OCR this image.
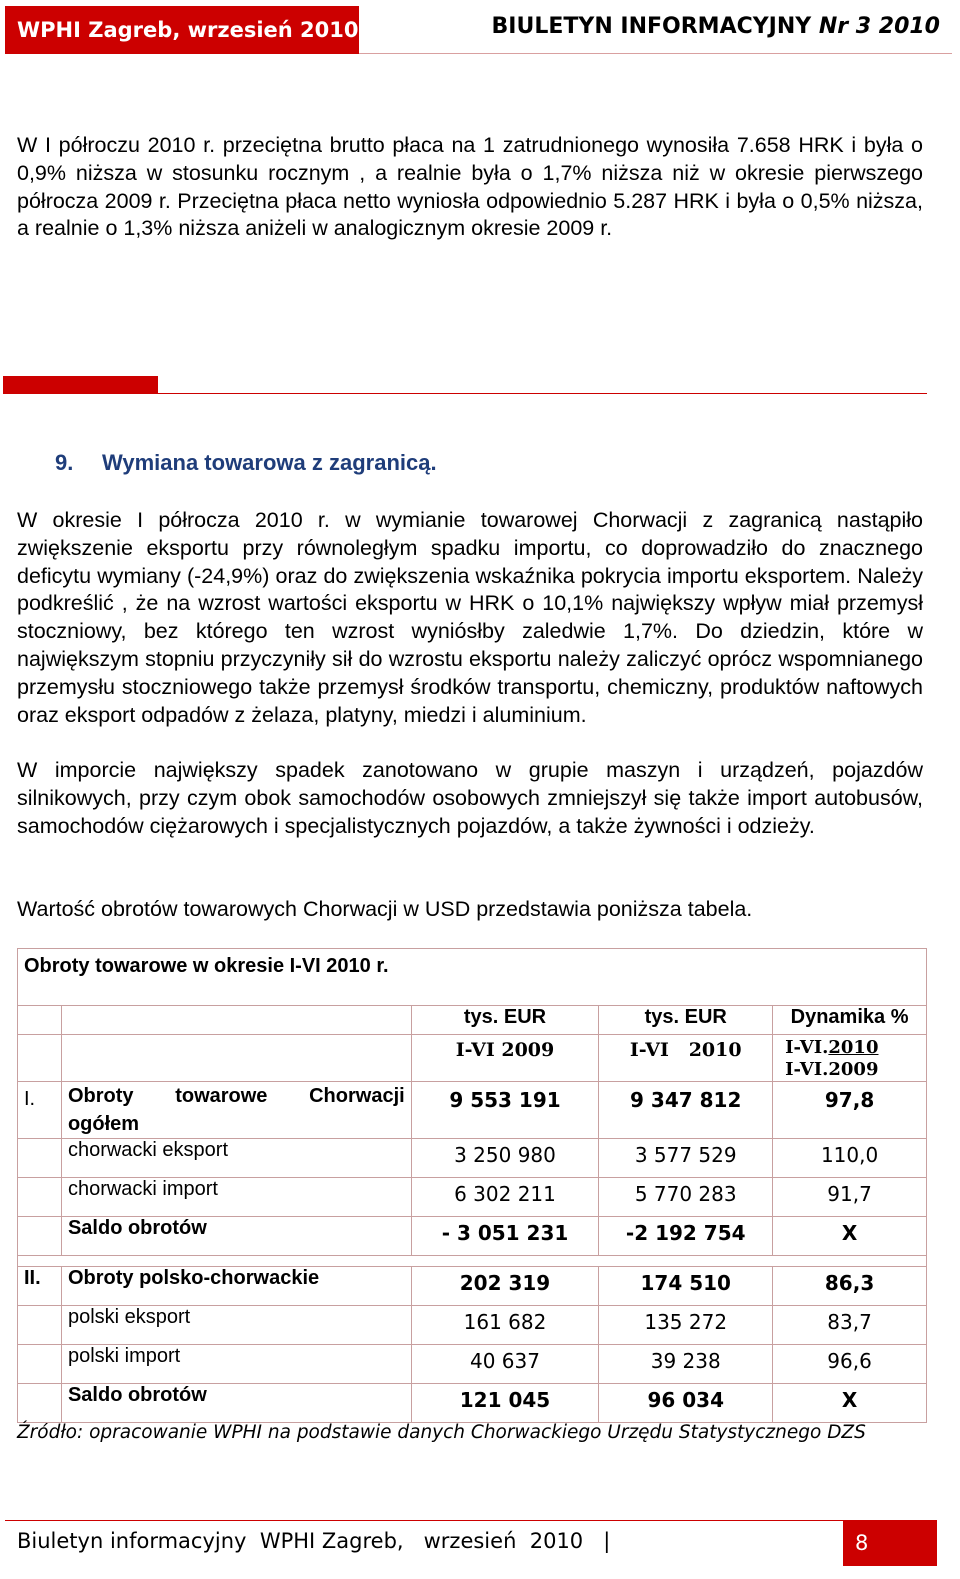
WPHI Zagreb, wrzesień 2010	BIULETYN INFORMACYJNY Nr 3 2010

W I półroczu 2010 r. przeciętna brutto płaca na 1 zatrudnionego wynosiła 7.658 HRK i była o 0,9% niższa w stosunku rocznym , a realnie była o 1,7% niższa niż w okresie pierwszego półrocza 2009 r. Przeciętna płaca netto wyniosła odpowiednio 5.287 HRK i była o 0,5% niższa, a realnie o 1,3% niższa aniżeli w analogicznym okresie 2009 r.

9. Wymiana towarowa z zagranicą.

W okresie I półrocza 2010 r. w wymianie towarowej Chorwacji z zagranicą nastąpiło zwiększenie eksportu przy równoległym spadku importu, co doprowadziło do znacznego deficytu wymiany (-24,9%) oraz do zwiększenia wskaźnika pokrycia importu eksportem. Należy podkreślić , że na wzrost wartości eksportu w HRK o 10,1% największy wpływ miał przemysł stoczniowy, bez którego ten wzrost wyniósłby zaledwie 1,7%. Do dziedzin, które w największym stopniu przyczyniły sił do wzrostu eksportu należy zaliczyć oprócz wspomnianego przemysłu stoczniowego także przemysł środków transportu, chemiczny, produktów naftowych oraz eksport odpadów z żelaza, platyny, miedzi i aluminium.

W imporcie największy spadek zanotowano w grupie maszyn i urządzeń, pojazdów silnikowych, przy czym obok samochodów osobowych zmniejszył się także import autobusów, samochodów ciężarowych i specjalistycznych pojazdów, a także żywności i odzieży.

Wartość obrotów towarowych Chorwacji w USD przedstawia poniższa tabela.

Obroty towarowe w okresie I-VI 2010 r.				
		tys. EUR	tys. EUR	Dynamika %
		I-VI 2009	I-VI   2010	I-VI.2010
I-VI.2009
I.	Obroty towarowe Chorwacji
ogółem	9 553 191	9 347 812	97,8
	chorwacki eksport	3 250 980	3 577 529	110,0
	chorwacki import	6 302 211	5 770 283	91,7
	Saldo obrotów	- 3 051 231	-2 192 754	X

II.	Obroty polsko-chorwackie	202 319	174 510	86,3
	polski eksport	161 682	135 272	83,7
	polski import	40 637	39 238	96,6
	Saldo obrotów	121 045	96 034	X
Źródło: opracowanie WPHI na podstawie danych Chorwackiego Urzędu Statystycznego DZS
Biuletyn informacyjny  WPHI Zagreb,   wrzesień  2010   |	8
